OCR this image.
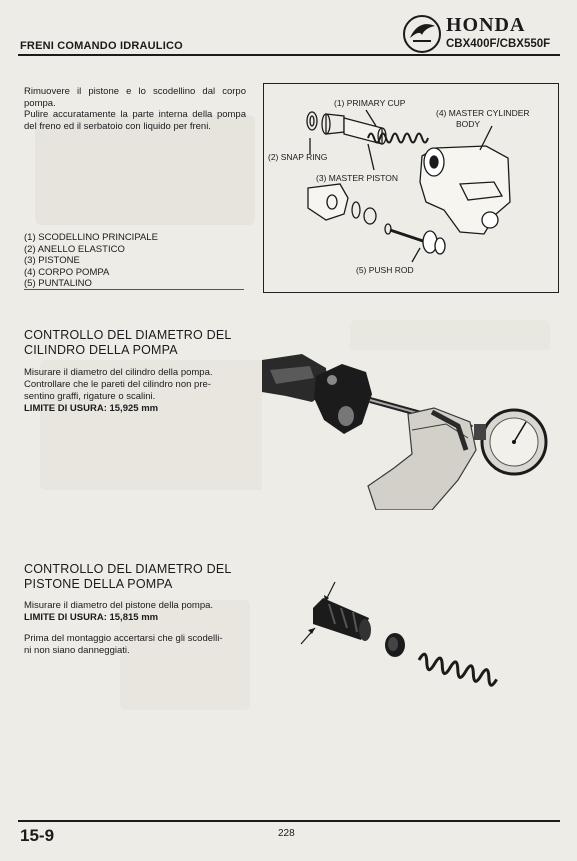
FRENI COMANDO IDRAULICO
HONDA
CBX400F/CBX550F
Rimuovere il pistone e lo scodellino dal corpo pompa.
Pulire accuratamente la parte interna della pompa del freno ed il serbatoio con liquido per freni.
(1) SCODELLINO PRINCIPALE
(2) ANELLO ELASTICO
(3) PISTONE
(4) CORPO POMPA
(5) PUNTALINO
(1) PRIMARY CUP
(4) MASTER CYLINDER
BODY
(2) SNAP RING
(3) MASTER PISTON
(5) PUSH ROD
CONTROLLO DEL DIAMETRO DEL
CILINDRO DELLA POMPA
Misurare il diametro del cilindro della pompa.
Controllare che le pareti del cilindro non pre-
sentino graffi, rigature o scalini.
LIMITE DI USURA: 15,925 mm
CONTROLLO DEL DIAMETRO DEL
PISTONE DELLA POMPA
Misurare il diametro del pistone della pompa.
LIMITE DI USURA: 15,815 mm
Prima del montaggio accertarsi che gli scodelli-
ni non siano danneggiati.
15-9	228
